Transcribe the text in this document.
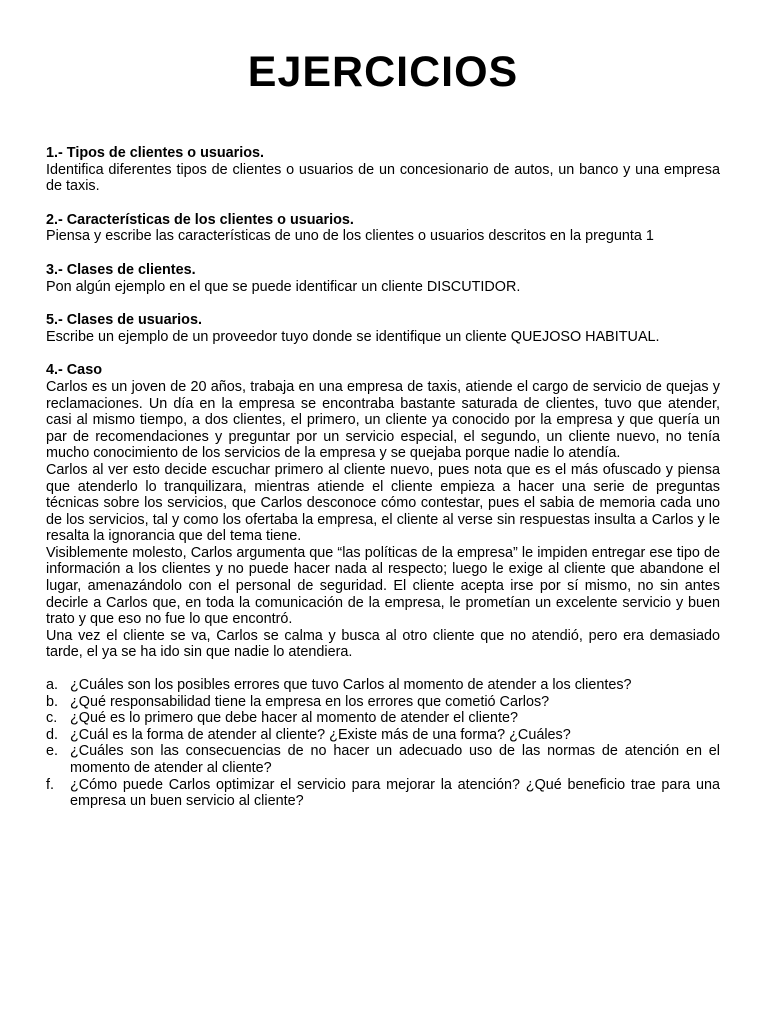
EJERCICIOS
1.- Tipos de clientes o usuarios.

Identifica diferentes tipos de clientes o usuarios de un concesionario de autos, un banco y una empresa de taxis.

2.- Características de los clientes o usuarios.

Piensa y escribe las características de uno de los clientes o usuarios descritos en la pregunta 1

3.- Clases de clientes.

Pon algún ejemplo en el que se puede identificar un cliente DISCUTIDOR.

5.- Clases de usuarios.

Escribe un ejemplo de un proveedor tuyo donde se identifique un cliente QUEJOSO HABITUAL.

4.- Caso

Carlos es un joven de 20 años, trabaja en una empresa de taxis, atiende el cargo de servicio de quejas y reclamaciones. Un día en la empresa se encontraba bastante saturada de clientes, tuvo que atender, casi al mismo tiempo, a dos clientes, el primero, un cliente ya conocido por la empresa y que quería un par de recomendaciones y preguntar por un servicio especial, el segundo, un cliente nuevo, no tenía mucho conocimiento de los servicios de la empresa y se quejaba porque nadie lo atendía.

Carlos al ver esto decide escuchar primero al cliente nuevo, pues nota que es el más ofuscado y piensa que atenderlo lo tranquilizara, mientras atiende el cliente empieza a hacer una serie de preguntas técnicas sobre los servicios, que Carlos desconoce cómo contestar, pues el sabia de memoria cada uno de los servicios, tal y como los ofertaba la empresa, el cliente al verse sin respuestas insulta a Carlos y le resalta la ignorancia que del tema tiene.

Visiblemente molesto, Carlos argumenta que “las políticas de la empresa” le impiden entregar ese tipo de información a los clientes y no puede hacer nada al respecto; luego le exige al cliente que abandone el lugar, amenazándolo con el personal de seguridad. El cliente acepta irse por sí mismo, no sin antes decirle a Carlos que, en toda la comunicación de la empresa, le prometían un excelente servicio y buen trato y que eso no fue lo que encontró.

Una vez el cliente se va, Carlos se calma y busca al otro cliente que no atendió, pero era demasiado tarde, el ya se ha ido sin que nadie lo atendiera.

a. ¿Cuáles son los posibles errores que tuvo Carlos al momento de atender a los clientes?
b. ¿Qué responsabilidad tiene la empresa en los errores que cometió Carlos?
c. ¿Qué es lo primero que debe hacer al momento de atender el cliente?
d. ¿Cuál es la forma de atender al cliente? ¿Existe más de una forma? ¿Cuáles?
e. ¿Cuáles son las consecuencias de no hacer un adecuado uso de las normas de atención en el momento de atender al cliente?
f. ¿Cómo puede Carlos optimizar el servicio para mejorar la atención? ¿Qué beneficio trae para una empresa un buen servicio al cliente?
